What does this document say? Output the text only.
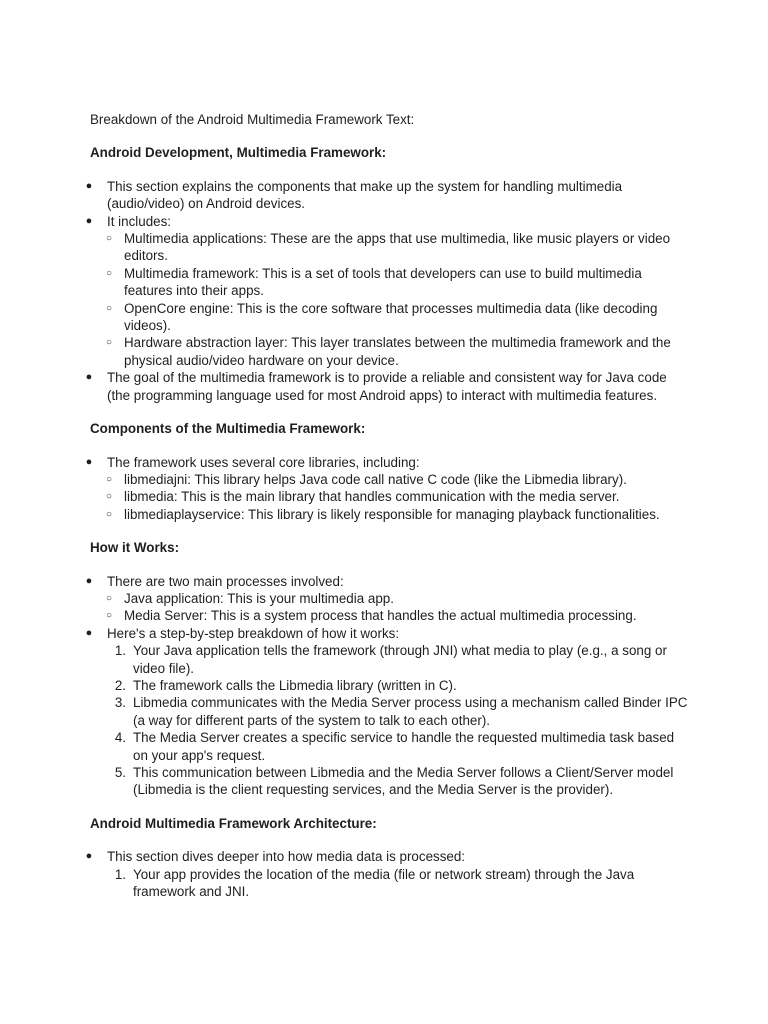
Breakdown of the Android Multimedia Framework Text:

Android Development, Multimedia Framework:

● This section explains the components that make up the system for handling multimedia (audio/video) on Android devices.
● It includes:
○ Multimedia applications: These are the apps that use multimedia, like music players or video editors.
○ Multimedia framework: This is a set of tools that developers can use to build multimedia features into their apps.
○ OpenCore engine: This is the core software that processes multimedia data (like decoding videos).
○ Hardware abstraction layer: This layer translates between the multimedia framework and the physical audio/video hardware on your device.
● The goal of the multimedia framework is to provide a reliable and consistent way for Java code (the programming language used for most Android apps) to interact with multimedia features.

Components of the Multimedia Framework:

● The framework uses several core libraries, including:
○ libmediajni: This library helps Java code call native C code (like the Libmedia library).
○ libmedia: This is the main library that handles communication with the media server.
○ libmediaplayservice: This library is likely responsible for managing playback functionalities.

How it Works:

● There are two main processes involved:
○ Java application: This is your multimedia app.
○ Media Server: This is a system process that handles the actual multimedia processing.
● Here's a step-by-step breakdown of how it works:
1. Your Java application tells the framework (through JNI) what media to play (e.g., a song or video file).
2. The framework calls the Libmedia library (written in C).
3. Libmedia communicates with the Media Server process using a mechanism called Binder IPC (a way for different parts of the system to talk to each other).
4. The Media Server creates a specific service to handle the requested multimedia task based on your app's request.
5. This communication between Libmedia and the Media Server follows a Client/Server model (Libmedia is the client requesting services, and the Media Server is the provider).

Android Multimedia Framework Architecture:

● This section dives deeper into how media data is processed:
1. Your app provides the location of the media (file or network stream) through the Java framework and JNI.
